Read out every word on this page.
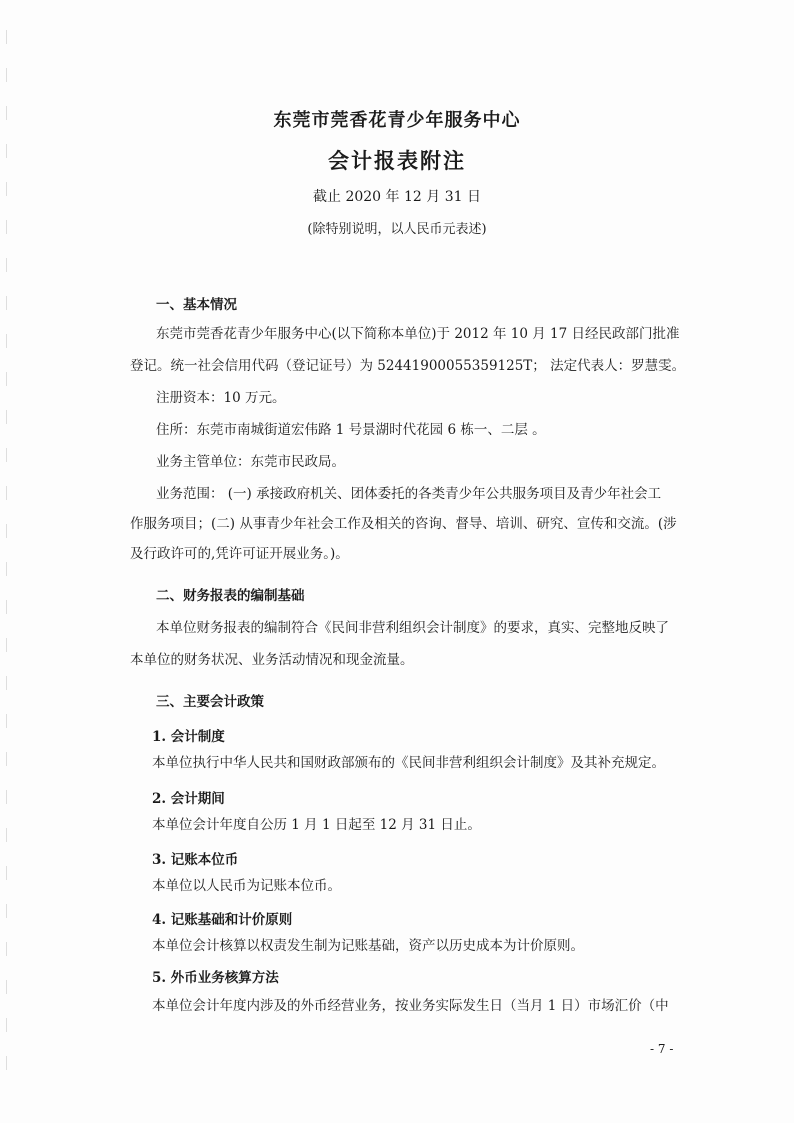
东莞市莞香花青少年服务中心
会计报表附注
截止 2020 年 12 月 31 日
(除特别说明，以人民币元表述)
一、基本情况
东莞市莞香花青少年服务中心(以下简称本单位)于 2012 年 10 月 17 日经民政部门批准
登记。统一社会信用代码（登记证号）为 52441900055359125T； 法定代表人：罗慧雯。
注册资本：10 万元。
住所：东莞市南城街道宏伟路 1 号景湖时代花园 6 栋一、二层 。
业务主管单位：东莞市民政局。
业务范围： (一) 承接政府机关、团体委托的各类青少年公共服务项目及青少年社会工
作服务项目；(二) 从事青少年社会工作及相关的咨询、督导、培训、研究、宣传和交流。(涉
及行政许可的,凭许可证开展业务。)。
二、财务报表的编制基础
本单位财务报表的编制符合《民间非营利组织会计制度》的要求，真实、完整地反映了
本单位的财务状况、业务活动情况和现金流量。
三、主要会计政策
1. 会计制度
本单位执行中华人民共和国财政部颁布的《民间非营利组织会计制度》及其补充规定。
2. 会计期间
本单位会计年度自公历 1 月 1 日起至 12 月 31 日止。
3. 记账本位币
本单位以人民币为记账本位币。
4. 记账基础和计价原则
本单位会计核算以权责发生制为记账基础，资产以历史成本为计价原则。
5. 外币业务核算方法
本单位会计年度内涉及的外币经营业务，按业务实际发生日（当月 1 日）市场汇价（中
- 7 -
